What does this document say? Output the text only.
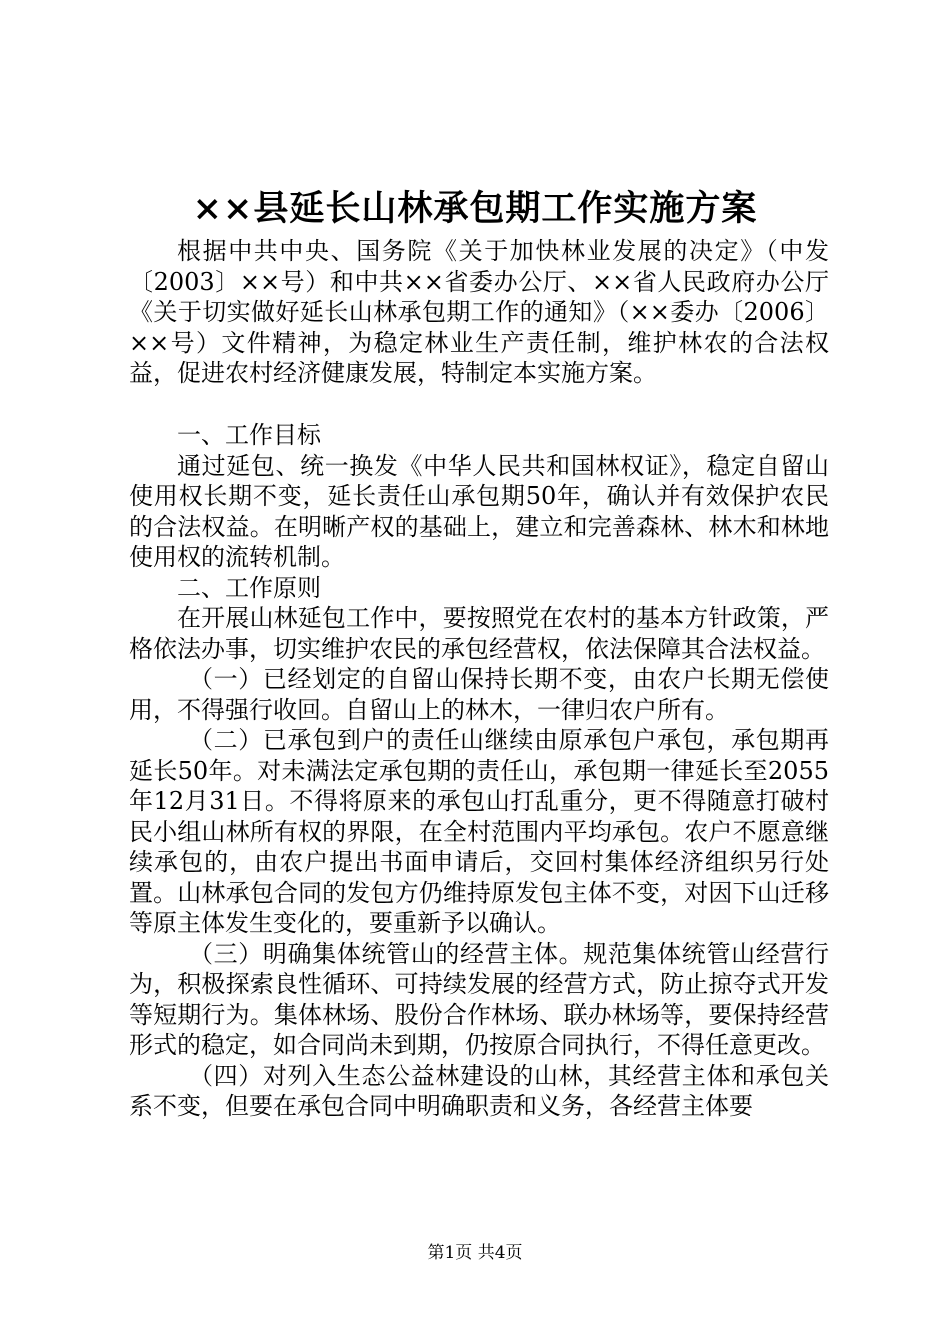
××县延长山林承包期工作实施方案

根据中共中央、国务院《关于加快林业发展的决定》（中发〔2003〕××号）和中共××省委办公厅、××省人民政府办公厅《关于切实做好延长山林承包期工作的通知》（××委办〔2006〕××号）文件精神，为稳定林业生产责任制，维护林农的合法权益，促进农村经济健康发展，特制定本实施方案。

一、工作目标

通过延包、统一换发《中华人民共和国林权证》，稳定自留山使用权长期不变，延长责任山承包期50年，确认并有效保护农民的合法权益。在明晰产权的基础上，建立和完善森林、林木和林地使用权的流转机制。

二、工作原则

在开展山林延包工作中，要按照党在农村的基本方针政策，严格依法办事，切实维护农民的承包经营权，依法保障其合法权益。

（一）已经划定的自留山保持长期不变，由农户长期无偿使用，不得强行收回。自留山上的林木，一律归农户所有。

（二）已承包到户的责任山继续由原承包户承包，承包期再延长50年。对未满法定承包期的责任山，承包期一律延长至2055年12月31日。不得将原来的承包山打乱重分，更不得随意打破村民小组山林所有权的界限，在全村范围内平均承包。农户不愿意继续承包的，由农户提出书面申请后，交回村集体经济组织另行处置。山林承包合同的发包方仍维持原发包主体不变，对因下山迁移等原主体发生变化的，要重新予以确认。

（三）明确集体统管山的经营主体。规范集体统管山经营行为，积极探索良性循环、可持续发展的经营方式，防止掠夺式开发等短期行为。集体林场、股份合作林场、联办林场等，要保持经营形式的稳定，如合同尚未到期，仍按原合同执行，不得任意更改。

（四）对列入生态公益林建设的山林，其经营主体和承包关系不变，但要在承包合同中明确职责和义务，各经营主体要

第1页 共4页
